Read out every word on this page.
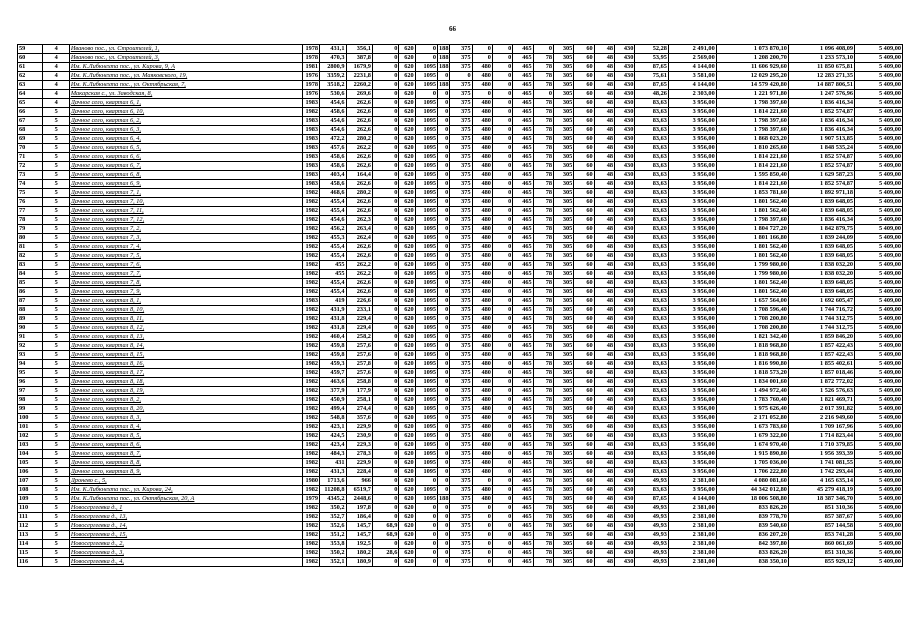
66
59	4	Иваново пос., ул. Строителей, 1,	1978	431,1	356,1	0	620	0	188	375	0	0	465	0	305	60	48	430	52,28	2 491,00	1 073 870,10	1 096 408,09	5 409,00
60	4	Иваново пос., ул. Строителей, 3,	1978	470,3	387,8	0	620	0	188	375	0	0	465	78	305	60	48	430	53,95	2 569,00	1 208 200,70	1 233 573,10	5 409,00
61	4	Им. К.Либкнехта пос., ул. Кирова, 9, А	1981	2800,9	1679,9	0	620	1095	188	375	480	0	465	78	305	60	48	430	87,65	4 144,00	11 606 929,60	11 850 675,81	5 409,00
62	4	Им. К.Либкнехта пос., ул. Маяковского, 19,	1976	3359,2	2231,8	0	620	1095	0	0	480	0	465	78	305	60	48	430	75,61	3 581,00	12 029 295,20	12 283 271,35	5 409,00
63	4	Им. К.Либкнехта пос., ул. Октябрьская, 7,	1978	3518,2	2260,2	0	620	1095	188	375	480	0	465	78	305	60	48	430	87,65	4 144,00	14 579 420,80	14 887 806,51	5 409,00
64	4	Макарская с., ул. Заводская, 8,	1976	530,6	269,6	0	620	0	0	375	0	0	465	0	305	60	48	430	48,26	2 303,00	1 221 971,80	1 247 576,96	5 409,00
65	4	Дачное село, квартал 6, 1,	1983	454,6	262,6	0	620	1095	0	375	480	0	465	78	305	60	48	430	83,63	3 956,00	1 798 397,60	1 836 416,34	5 409,00
66	5	Дачное село, квартал 6, 10,	1982	458,6	262,6	0	620	1095	0	375	480	0	465	78	305	60	48	430	83,63	3 956,00	1 814 221,60	1 852 574,87	5 409,00
67	5	Дачное село, квартал 6, 2,	1983	454,6	262,6	0	620	1095	0	375	480	0	465	78	305	60	48	430	83,63	3 956,00	1 798 397,60	1 836 416,34	5 409,00
68	5	Дачное село, квартал 6, 3,	1983	454,6	262,6	0	620	1095	0	375	480	0	465	78	305	60	48	430	83,63	3 956,00	1 798 397,60	1 836 416,34	5 409,00
69	5	Дачное село, квартал 6, 4,	1983	472,2	280,2	0	620	1095	0	375	480	0	465	78	305	60	48	430	83,63	3 956,00	1 868 023,20	1 907 513,85	5 409,00
70	5	Дачное село, квартал 6, 5,	1983	457,6	262,2	0	620	1095	0	375	480	0	465	78	305	60	48	430	83,63	3 956,00	1 810 265,60	1 848 535,24	5 409,00
71	5	Дачное село, квартал 6, 6,	1983	458,6	262,6	0	620	1095	0	375	480	0	465	78	305	60	48	430	83,63	3 956,00	1 814 221,60	1 852 574,87	5 409,00
72	5	Дачное село, квартал 6, 7,	1983	458,6	262,6	0	620	1095	0	375	480	0	465	78	305	60	48	430	83,63	3 956,00	1 814 221,60	1 852 574,87	5 409,00
73	5	Дачное село, квартал 6, 8,	1983	403,4	164,4	0	620	1095	0	375	480	0	465	78	305	60	48	430	83,63	3 956,00	1 595 850,40	1 629 587,23	5 409,00
74	5	Дачное село, квартал 6, 9,	1983	458,6	262,6	0	620	1095	0	375	480	0	465	78	305	60	48	430	83,63	3 956,00	1 814 221,60	1 852 574,87	5 409,00
75	5	Дачное село, квартал 7, 1,	1982	468,6	280,2	0	620	1095	0	375	480	0	465	78	305	60	48	430	83,63	3 956,00	1 853 781,60	1 892 971,18	5 409,00
76	5	Дачное село, квартал 7, 10,	1982	455,4	262,6	0	620	1095	0	375	480	0	465	78	305	60	48	430	83,63	3 956,00	1 801 562,40	1 839 648,05	5 409,00
77	5	Дачное село, квартал 7, 11,	1982	455,4	262,6	0	620	1095	0	375	480	0	465	78	305	60	48	430	83,63	3 956,00	1 801 562,40	1 839 648,05	5 409,00
78	5	Дачное село, квартал 7, 12,	1982	454,6	262,3	0	620	1095	0	375	480	0	465	78	305	60	48	430	83,63	3 956,00	1 798 397,60	1 836 416,34	5 409,00
79	5	Дачное село, квартал 7, 2,	1982	456,2	263,4	0	620	1095	0	375	480	0	465	78	305	60	48	430	83,63	3 956,00	1 804 727,20	1 842 879,75	5 409,00
80	5	Дачное село, квартал 7, 3,	1982	455,3	262,4	0	620	1095	0	375	480	0	465	78	305	60	48	430	83,63	3 956,00	1 801 166,80	1 839 244,09	5 409,00
81	5	Дачное село, квартал 7, 4,	1982	455,4	262,6	0	620	1095	0	375	480	0	465	78	305	60	48	430	83,63	3 956,00	1 801 562,40	1 839 648,05	5 409,00
82	5	Дачное село, квартал 7, 5,	1982	455,4	262,6	0	620	1095	0	375	480	0	465	78	305	60	48	430	83,63	3 956,00	1 801 562,40	1 839 648,05	5 409,00
83	5	Дачное село, квартал 7, 6,	1982	455	262,2	0	620	1095	0	375	480	0	465	78	305	60	48	430	83,63	3 956,00	1 799 980,00	1 838 032,20	5 409,00
84	5	Дачное село, квартал 7, 7,	1982	455	262,2	0	620	1095	0	375	480	0	465	78	305	60	48	430	83,63	3 956,00	1 799 980,00	1 838 032,20	5 409,00
85	5	Дачное село, квартал 7, 8,	1982	455,4	262,6	0	620	1095	0	375	480	0	465	78	305	60	48	430	83,63	3 956,00	1 801 562,40	1 839 648,05	5 409,00
86	5	Дачное село, квартал 7, 9,	1982	455,4	262,6	0	620	1095	0	375	480	0	465	78	305	60	48	430	83,63	3 956,00	1 801 562,40	1 839 648,05	5 409,00
87	5	Дачное село, квартал 8, 1,	1983	419	226,6	0	620	1095	0	375	480	0	465	78	305	60	48	430	83,63	3 956,00	1 657 564,00	1 692 605,47	5 409,00
88	5	Дачное село, квартал 8, 10,	1982	431,9	233,1	0	620	1095	0	375	480	0	465	78	305	60	48	430	83,63	3 956,00	1 708 596,40	1 744 716,72	5 409,00
89	5	Дачное село, квартал 8, 11,	1982	431,8	229,4	0	620	1095	0	375	480	0	465	78	305	60	48	430	83,63	3 956,00	1 708 200,80	1 744 312,75	5 409,00
90	5	Дачное село, квартал 8, 12,	1982	431,8	229,4	0	620	1095	0	375	480	0	465	78	305	60	48	430	83,63	3 956,00	1 708 200,80	1 744 312,75	5 409,00
91	5	Дачное село, квартал 8, 13,	1982	460,4	258,2	0	620	1095	0	375	480	0	465	78	305	60	48	430	83,63	3 956,00	1 821 342,40	1 859 846,20	5 409,00
92	5	Дачное село, квартал 8, 14,	1982	459,8	257,6	0	620	1095	0	375	480	0	465	78	305	60	48	430	83,63	3 956,00	1 818 968,80	1 857 422,43	5 409,00
93	5	Дачное село, квартал 8, 15,	1982	459,8	257,6	0	620	1095	0	375	480	0	465	78	305	60	48	430	83,63	3 956,00	1 818 968,80	1 857 422,43	5 409,00
94	5	Дачное село, квартал 8, 16,	1982	459,3	257,8	0	620	1095	0	375	480	0	465	78	305	60	48	430	83,63	3 956,00	1 816 990,80	1 855 402,61	5 409,00
95	5	Дачное село, квартал 8, 17,	1982	459,7	257,6	0	620	1095	0	375	480	0	465	78	305	60	48	430	83,63	3 956,00	1 818 573,20	1 857 018,46	5 409,00
96	5	Дачное село, квартал 8, 18,	1982	463,6	258,8	0	620	1095	0	375	480	0	465	78	305	60	48	430	83,63	3 956,00	1 834 001,60	1 872 772,02	5 409,00
97	5	Дачное село, квартал 8, 19,	1982	377,9	177,9	0	620	1095	0	375	480	0	465	78	305	60	48	430	83,63	3 956,00	1 494 972,40	1 526 576,63	5 409,00
98	5	Дачное село, квартал 8, 2,	1982	450,9	258,1	0	620	1095	0	375	480	0	465	78	305	60	48	430	83,63	3 956,00	1 783 760,40	1 821 469,71	5 409,00
99	5	Дачное село, квартал 8, 20,	1982	499,4	274,4	0	620	1095	0	375	480	0	465	78	305	60	48	430	83,63	3 956,00	1 975 626,40	2 017 391,82	5 409,00
100	5	Дачное село, квартал 8, 3,	1982	548,8	357,6	0	620	1095	0	375	480	0	465	78	305	60	48	430	83,63	3 956,00	2 171 052,80	2 216 949,60	5 409,00
101	5	Дачное село, квартал 8, 4,	1982	423,1	229,9	0	620	1095	0	375	480	0	465	78	305	60	48	430	83,63	3 956,00	1 673 783,60	1 709 167,96	5 409,00
102	5	Дачное село, квартал 8, 5,	1982	424,5	230,9	0	620	1095	0	375	480	0	465	78	305	60	48	430	83,63	3 956,00	1 679 322,00	1 714 823,44	5 409,00
103	5	Дачное село, квартал 8, 6,	1982	423,4	229,3	0	620	1095	0	375	480	0	465	78	305	60	48	430	83,63	3 956,00	1 674 970,40	1 710 379,85	5 409,00
104	5	Дачное село, квартал 8, 7,	1982	484,3	278,3	0	620	1095	0	375	480	0	465	78	305	60	48	430	83,63	3 956,00	1 915 890,80	1 956 393,39	5 409,00
105	5	Дачное село, квартал 8, 8,	1982	431	229,9	0	620	1095	0	375	480	0	465	78	305	60	48	430	83,63	3 956,00	1 705 036,00	1 741 081,55	5 409,00
106	5	Дачное село, квартал 8, 9,	1982	431,3	228,4	0	620	1095	0	375	480	0	465	78	305	60	48	430	83,63	3 956,00	1 706 222,80	1 742 293,44	5 409,00
107	5	Дронево с., 5,	1980	1713,6	966	0	620	0	0	375	0	0	465	78	305	60	48	430	49,93	2 381,00	4 080 081,60	4 165 635,14	5 409,00
108	5	Им. К.Либкнехта пос., ул. Кирова, 24,	1982	11208,8	6519,7	0	620	1095	0	375	480	0	465	78	305	60	48	430	83,63	3 956,00	44 342 012,80	45 279 418,19	5 409,00
109	5	Им. К.Либкнехта пос., ул. Октябрьская, 20, А	1979	4345,2	2448,6	0	620	1095	188	375	480	0	465	78	305	60	48	430	87,65	4 144,00	18 006 508,80	18 387 346,70	5 409,00
110	5	Новосергеевка д., 1	1982	350,2	197,8	0	620	0	0	375	0	0	465	78	305	60	48	430	49,93	2 381,00	833 826,20	851 310,36	5 409,00
111	5	Новосергеевка д., 13,	1982	352,7	186,4	0	620	0	0	375	0	0	465	78	305	60	48	430	49,93	2 381,00	839 778,70	857 387,67	5 409,00
112	5	Новосергеевка д., 14,	1982	352,6	145,7	68,9	620	0	0	375	0	0	465	78	305	60	48	430	49,93	2 381,00	839 540,60	857 144,58	5 409,00
113	5	Новосергеевка д., 15,	1982	351,2	145,7	68,9	620	0	0	375	0	0	465	78	305	60	48	430	49,93	2 381,00	836 207,20	853 741,28	5 409,00
114	5	Новосергеевка д., 2,	1982	353,8	192,5	0	620	0	0	375	0	0	465	78	305	60	48	430	49,93	2 381,00	842 397,80	860 061,69	5 409,00
115	5	Новосергеевка д., 3,	1982	350,2	180,2	28,6	620	0	0	375	0	0	465	78	305	60	48	430	49,93	2 381,00	833 826,20	851 310,36	5 409,00
116	5	Новосергеевка д., 4,	1982	352,1	180,9	0	620	0	0	375	0	0	465	78	305	60	48	430	49,93	2 381,00	838 350,10	855 929,12	5 409,00
